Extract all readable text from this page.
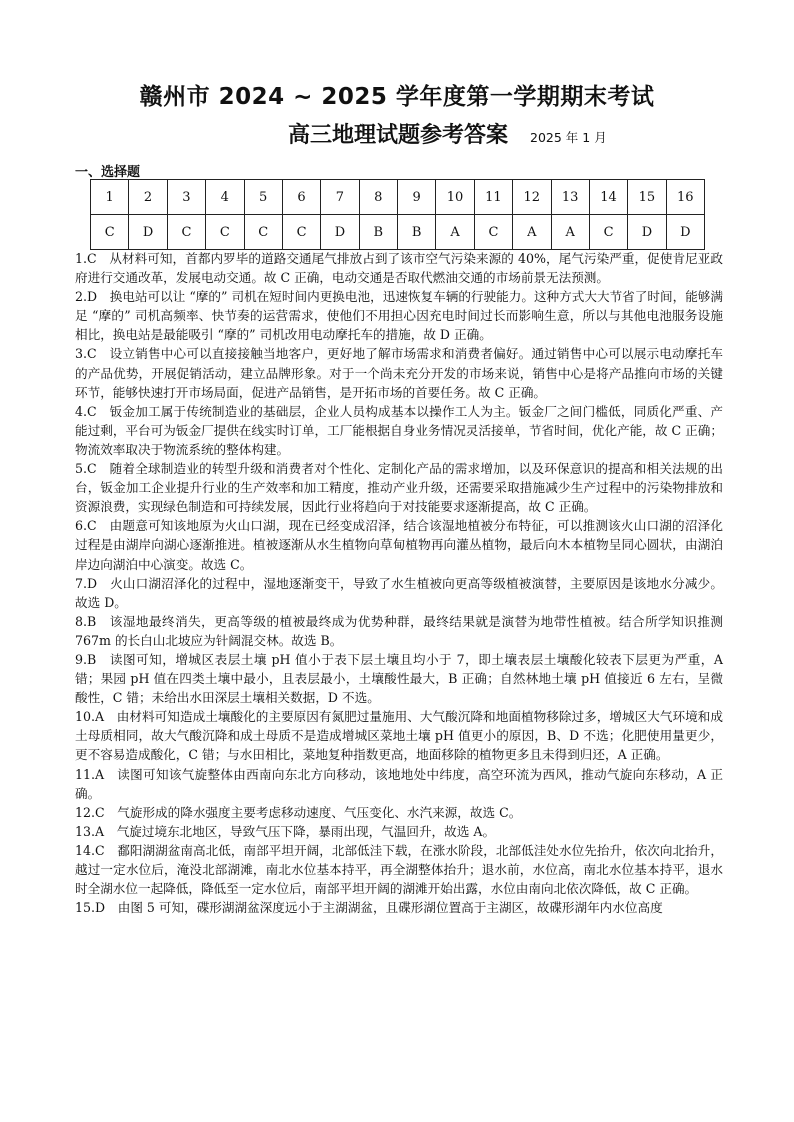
赣州市 2024 ~ 2025 学年度第一学期期末考试
高三地理试题参考答案 2025 年 1 月
一、选择题
1	2	3	4	5	6	7	8	9	10	11	12	13	14	15	16
C	D	C	C	C	C	D	B	B	A	C	A	A	C	D	D

1.C　从材料可知，首都内罗毕的道路交通尾气排放占到了该市空气污染来源的 40%，尾气污染严重，促使肯尼亚政府进行交通改革，发展电动交通。故 C 正确，电动交通是否取代燃油交通的市场前景无法预测。

2.D　换电站可以让 “摩的” 司机在短时间内更换电池，迅速恢复车辆的行驶能力。这种方式大大节省了时间，能够满足 “摩的” 司机高频率、快节奏的运营需求，使他们不用担心因充电时间过长而影响生意，所以与其他电池服务设施相比，换电站是最能吸引 “摩的” 司机改用电动摩托车的措施，故 D 正确。

3.C　设立销售中心可以直接接触当地客户，更好地了解市场需求和消费者偏好。通过销售中心可以展示电动摩托车的产品优势，开展促销活动，建立品牌形象。对于一个尚未充分开发的市场来说，销售中心是将产品推向市场的关键环节，能够快速打开市场局面，促进产品销售，是开拓市场的首要任务。故 C 正确。

4.C　钣金加工属于传统制造业的基础层，企业人员构成基本以操作工人为主。钣金厂之间门槛低，同质化严重、产能过剩，平台可为钣金厂提供在线实时订单，工厂能根据自身业务情况灵活接单，节省时间，优化产能，故 C 正确；物流效率取决于物流系统的整体构建。

5.C　随着全球制造业的转型升级和消费者对个性化、定制化产品的需求增加，以及环保意识的提高和相关法规的出台，钣金加工企业提升行业的生产效率和加工精度，推动产业升级，还需要采取措施减少生产过程中的污染物排放和资源浪费，实现绿色制造和可持续发展，因此行业将趋向于对技能要求逐渐提高，故 C 正确。

6.C　由题意可知该地原为火山口湖，现在已经变成沼泽，结合该湿地植被分布特征，可以推测该火山口湖的沼泽化过程是由湖岸向湖心逐渐推进。植被逐渐从水生植物向草甸植物再向灌丛植物，最后向木本植物呈同心圆状，由湖泊岸边向湖泊中心演变。故选 C。

7.D　火山口湖沼泽化的过程中，湿地逐渐变干，导致了水生植被向更高等级植被演替，主要原因是该地水分减少。故选 D。

8.B　该湿地最终消失，更高等级的植被最终成为优势种群，最终结果就是演替为地带性植被。结合所学知识推测 767m 的长白山北坡应为针阔混交林。故选 B。

9.B　读图可知，增城区表层土壤 pH 值小于表下层土壤且均小于 7，即土壤表层土壤酸化较表下层更为严重，A 错；果园 pH 值在四类土壤中最小，且表层最小，土壤酸性最大，B 正确；自然林地土壤 pH 值接近 6 左右，呈微酸性，C 错；未给出水田深层土壤相关数据，D 不选。

10.A　由材料可知造成土壤酸化的主要原因有氮肥过量施用、大气酸沉降和地面植物移除过多，增城区大气环境和成土母质相同，故大气酸沉降和成土母质不是造成增城区菜地土壤 pH 值更小的原因，B、D 不选；化肥使用量更少，更不容易造成酸化，C 错；与水田相比，菜地复种指数更高，地面移除的植物更多且未得到归还，A 正确。

11.A　读图可知该气旋整体由西南向东北方向移动，该地地处中纬度，高空环流为西风，推动气旋向东移动，A 正确。

12.C　气旋形成的降水强度主要考虑移动速度、气压变化、水汽来源，故选 C。

13.A　气旋过境东北地区，导致气压下降，暴雨出现，气温回升，故选 A。

14.C　鄱阳湖湖盆南高北低，南部平坦开阔，北部低洼下载，在涨水阶段，北部低洼处水位先抬升，依次向北抬升，越过一定水位后，淹没北部湖滩，南北水位基本持平，再全湖整体抬升；退水前，水位高，南北水位基本持平，退水时全湖水位一起降低，降低至一定水位后，南部平坦开阔的湖滩开始出露，水位由南向北依次降低，故 C 正确。

15.D　由图 5 可知，碟形湖湖盆深度远小于主湖湖盆，且碟形湖位置高于主湖区，故碟形湖年内水位高度
